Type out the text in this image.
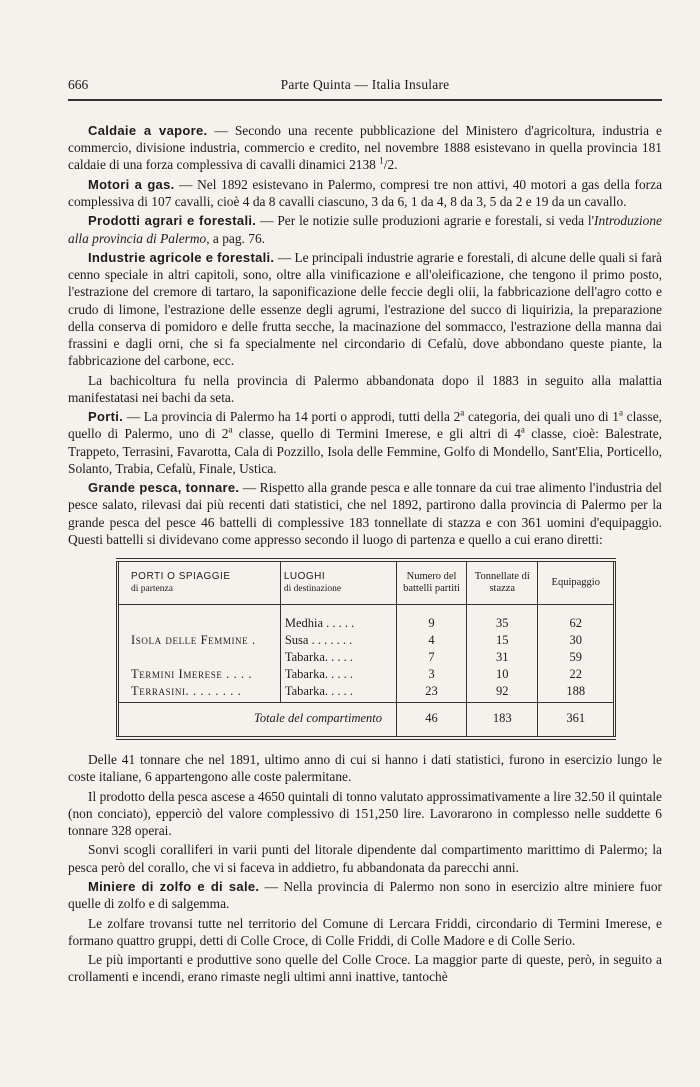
666	Parte Quinta — Italia Insulare

Caldaie a vapore. — Secondo una recente pubblicazione del Ministero d'agricoltura, industria e commercio, divisione industria, commercio e credito, nel novembre 1888 esistevano in quella provincia 181 caldaie di una forza complessiva di cavalli dinamici 2138 $^1$/2.

Motori a gas. — Nel 1892 esistevano in Palermo, compresi tre non attivi, 40 motori a gas della forza complessiva di 107 cavalli, cioè 4 da 8 cavalli ciascuno, 3 da 6, 1 da 4, 8 da 3, 5 da 2 e 19 da un cavallo.

Prodotti agrari e forestali. — Per le notizie sulle produzioni agrarie e forestali, si veda l'Introduzione alla provincia di Palermo, a pag. 76.

Industrie agricole e forestali. — Le principali industrie agrarie e forestali, di alcune delle quali si farà cenno speciale in altri capitoli, sono, oltre alla vinificazione e all'oleificazione, che tengono il primo posto, l'estrazione del cremore di tartaro, la saponificazione delle feccie degli olii, la fabbricazione dell'agro cotto e crudo di limone, l'estrazione delle essenze degli agrumi, l'estrazione del succo di liquirizia, la preparazione della conserva di pomidoro e delle frutta secche, la macinazione del sommacco, l'estrazione della manna dai frassini e dagli orni, che si fa specialmente nel circondario di Cefalù, dove abbondano queste piante, la fabbricazione del carbone, ecc.

La bachicoltura fu nella provincia di Palermo abbandonata dopo il 1883 in seguito alla malattia manifestatasi nei bachi da seta.

Porti. — La provincia di Palermo ha 14 porti o approdi, tutti della 2$^a$ categoria, dei quali uno di 1$^a$ classe, quello di Palermo, uno di 2$^a$ classe, quello di Termini Imerese, e gli altri di 4$^a$ classe, cioè: Balestrate, Trappeto, Terrasini, Favarotta, Cala di Pozzillo, Isola delle Femmine, Golfo di Mondello, Sant'Elia, Porticello, Solanto, Trabia, Cefalù, Finale, Ustica.

Grande pesca, tonnare. — Rispetto alla grande pesca e alle tonnare da cui trae alimento l'industria del pesce salato, rilevasi dai più recenti dati statistici, che nel 1892, partirono dalla provincia di Palermo per la grande pesca del pesce 46 battelli di complessive 183 tonnellate di stazza e con 361 uomini d'equipaggio. Questi battelli si dividevano come appresso secondo il luogo di partenza e quello a cui erano diretti:

PORTI O SPIAGGIE
di partenza	LUOGHI
di destinazione	Numero del battelli partiti	Tonnellate di stazza	Equipaggio
	Medhia . . . . .	9	35	62
Isola delle Femmine .	Susa . . . . . . .	4	15	30
	Tabarka. . . . .	7	31	59
Termini Imerese . . . .	Tabarka. . . . .	3	10	22
Terrasini. . . . . . . .	Tabarka. . . . .	23	92	188
Totale del compartimento		46	183	361

Delle 41 tonnare che nel 1891, ultimo anno di cui si hanno i dati statistici, furono in esercizio lungo le coste italiane, 6 appartengono alle coste palermitane.

Il prodotto della pesca ascese a 4650 quintali di tonno valutato approssimativamente a lire 32.50 il quintale (non conciato), epperciò del valore complessivo di 151,250 lire. Lavorarono in complesso nelle suddette 6 tonnare 328 operai.

Sonvi scogli coralliferi in varii punti del litorale dipendente dal compartimento marittimo di Palermo; la pesca però del corallo, che vi si faceva in addietro, fu abbandonata da parecchi anni.

Miniere di zolfo e di sale. — Nella provincia di Palermo non sono in esercizio altre miniere fuor quelle di zolfo e di salgemma.

Le zolfare trovansi tutte nel territorio del Comune di Lercara Friddi, circondario di Termini Imerese, e formano quattro gruppi, detti di Colle Croce, di Colle Friddi, di Colle Madore e di Colle Serio.

Le più importanti e produttive sono quelle del Colle Croce. La maggior parte di queste, però, in seguito a crollamenti e incendi, erano rimaste negli ultimi anni inattive, tantochè
